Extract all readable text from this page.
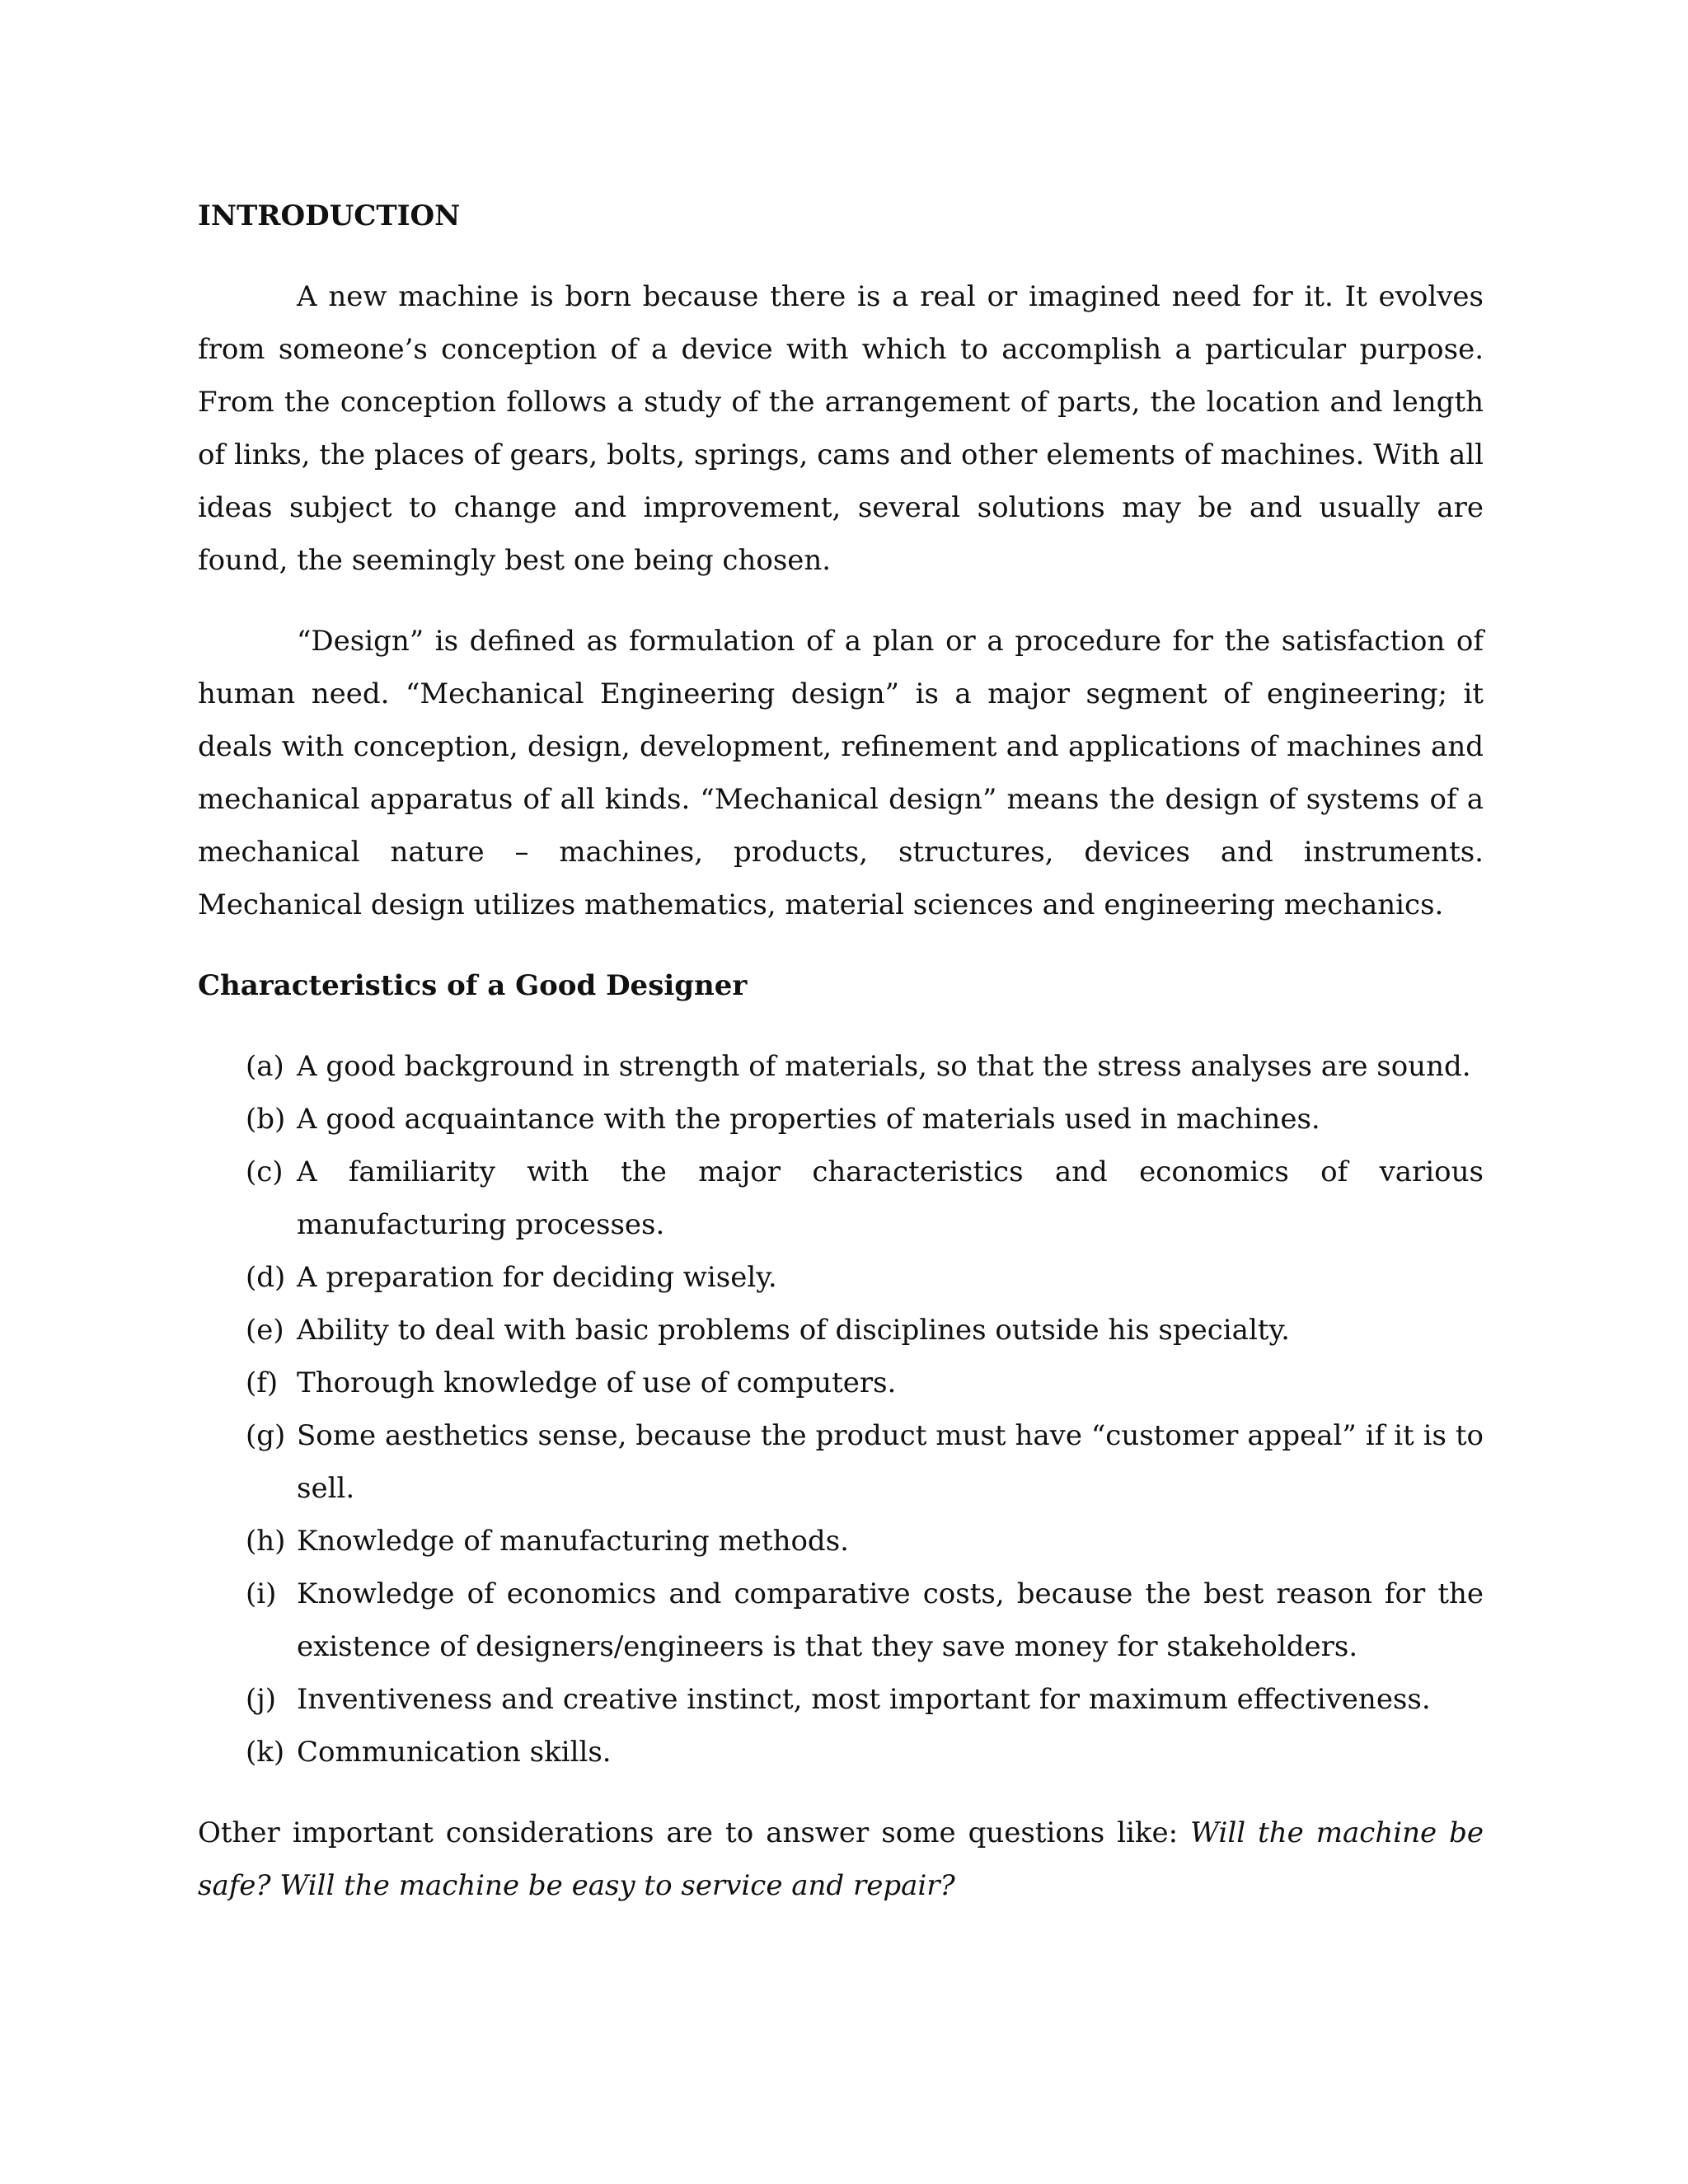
INTRODUCTION

A new machine is born because there is a real or imagined need for it. It evolves from someone’s conception of a device with which to accomplish a particular purpose. From the conception follows a study of the arrangement of parts, the location and length of links, the places of gears, bolts, springs, cams and other elements of machines. With all ideas subject to change and improvement, several solutions may be and usually are found, the seemingly best one being chosen.

“Design” is defined as formulation of a plan or a procedure for the satisfaction of human need. “Mechanical Engineering design” is a major segment of engineering; it deals with conception, design, development, refinement and applications of machines and mechanical apparatus of all kinds. “Mechanical design” means the design of systems of a mechanical nature – machines, products, structures, devices and instruments. Mechanical design utilizes mathematics, material sciences and engineering mechanics.

Characteristics of a Good Designer
(a) A good background in strength of materials, so that the stress analyses are sound.
(b) A good acquaintance with the properties of materials used in machines.
(c) A familiarity with the major characteristics and economics of various manufacturing processes.
(d) A preparation for deciding wisely.
(e) Ability to deal with basic problems of disciplines outside his specialty.
(f) Thorough knowledge of use of computers.
(g) Some aesthetics sense, because the product must have “customer appeal” if it is to sell.
(h) Knowledge of manufacturing methods.
(i) Knowledge of economics and comparative costs, because the best reason for the existence of designers/engineers is that they save money for stakeholders.
(j) Inventiveness and creative instinct, most important for maximum effectiveness.
(k) Communication skills.

Other important considerations are to answer some questions like: Will the machine be safe? Will the machine be easy to service and repair?
